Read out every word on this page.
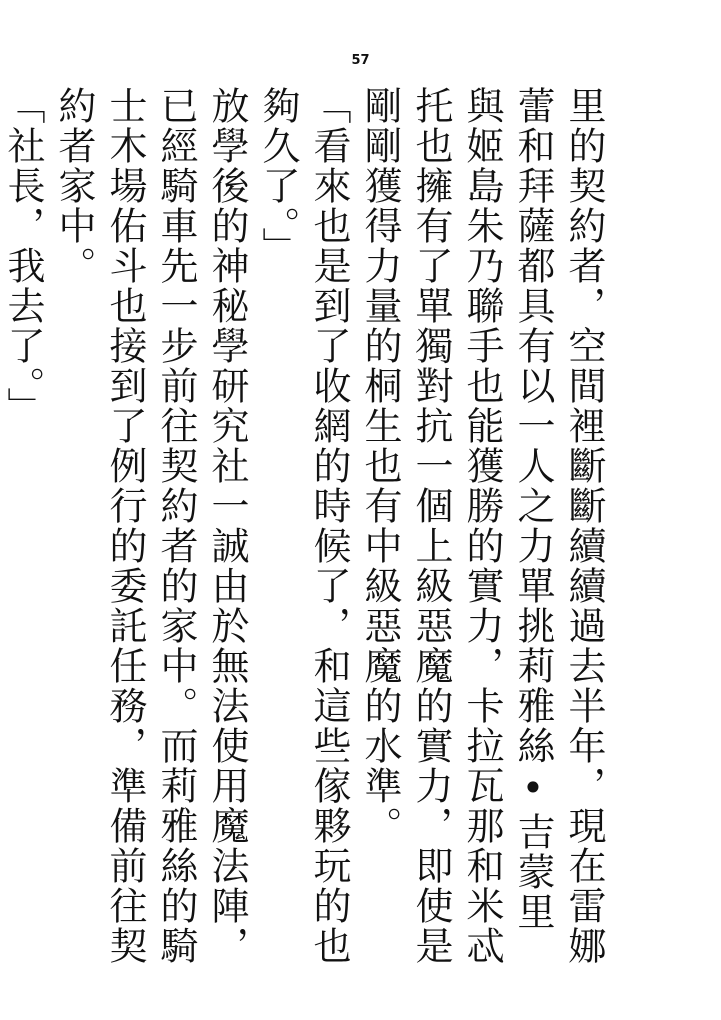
57

里的契約者，空間裡斷斷續續過去半年，現在雷娜蕾和拜薩都具有以一人之力單挑莉雅絲•吉蒙里與姬島朱乃聯手也能獲勝的實力，卡拉瓦那和米忒托也擁有了單獨對抗一個上級惡魔的實力，即使是剛剛獲得力量的桐生也有中級惡魔的水準。

「看來也是到了收網的時候了，和這些傢夥玩的也夠久了。」

放學後的神秘學研究社一誠由於無法使用魔法陣，已經騎車先一步前往契約者的家中。而莉雅絲的騎士木場佑斗也接到了例行的委託任務，準備前往契約者家中。

「社長，我去了。」
